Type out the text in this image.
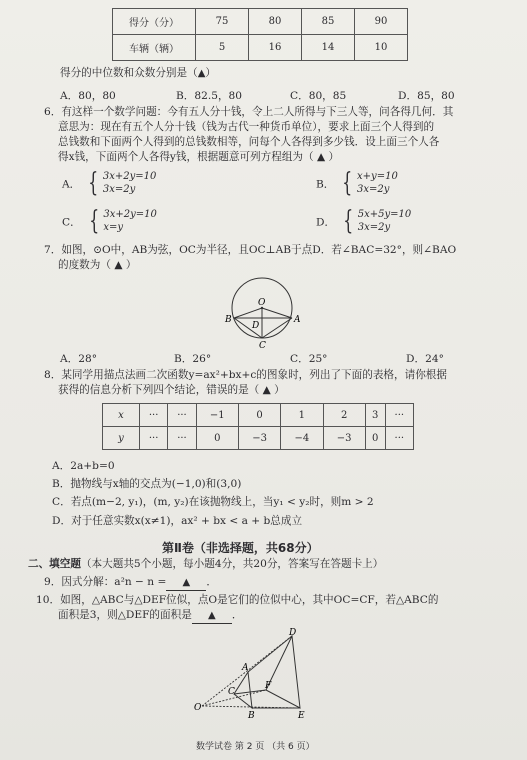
得分（分）	75	80	85	90
车辆（辆）	5	16	14	10
得分的中位数和众数分别是（▲）
A．80，80	B．82.5，80	C．80，85	D．85，80
6．有这样一个数学问题：今有五人分十钱，令上二人所得与下三人等，问各得几何．其
意思为：现在有五个人分十钱（钱为古代一种货币单位），要求上面三个人得到的
总钱数和下面两个人得到的总钱数相等，问每个人各得到多少钱．设上面三个人各
得x钱，下面两个人各得y钱，根据题意可列方程组为（ ▲ ）
A． { 3x+2y=10
3x=2y	B． { x+y=10
3x=2y
C． { 3x+2y=10
x=y	D． { 5x+5y=10
3x=2y
7．如图，⊙O中，AB为弦，OC为半径，且OC⊥AB于点D．若∠BAC=32°，则∠BAO
的度数为（ ▲ ）
O
B
D
A
C
A．28°	B．26°	C．25°	D．24°
8．某同学用描点法画二次函数y=ax²+bx+c的图象时，列出了下面的表格，请你根据
获得的信息分析下列四个结论，错误的是（ ▲ ）
x	···	···	−1	0	1	2	3	···
y	···	···	0	−3	−4	−3	0	···
A．2a+b=0
B．抛物线与x轴的交点为(−1,0)和(3,0)
C．若点(m−2, y₁)，(m, y₂)在该抛物线上，当y₁ < y₂时，则m > 2
D．对于任意实数x(x≠1)，ax² + bx < a + b总成立
第Ⅱ卷（非选择题，共68分）
二、填空题（本大题共5个小题，每小题4分，共20分，答案写在答题卡上）
9．因式分解：a²n − n = ▲ ．
10．如图，△ABC与△DEF位似，点O是它们的位似中心，其中OC=CF，若△ABC的
面积是3，则△DEF的面积是 ▲ ．
D
A
F
C
O
B	E
数学试卷 第 2 页 （共 6 页）
